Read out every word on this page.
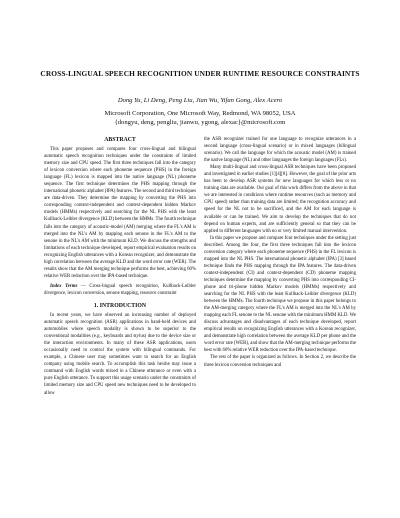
CROSS-LINGUAL SPEECH RECOGNITION UNDER RUNTIME RESOURCE CONSTRAINTS
Dong Yu, Li Deng, Peng Liu, Jian Wu, Yifan Gong, Alex Acero
Microsoft Corporation, One Microsoft Way, Redmond, WA 98052, USA
{dongyu, deng, pengliu, jianwu, ygong, alexac}@microsoft.com
ABSTRACT
This paper proposes and compares four cross-lingual and bilingual automatic speech recognition techniques under the constraints of limited memory size and CPU speed. The first three techniques fall into the category of lexicon conversion where each phoneme sequence (PHS) in the foreign language (FL) lexicon is mapped into the native language (NL) phoneme sequence. The first technique determines the PHS mapping through the international phonetic alphabet (IPA) features. The second and third techniques are data-driven. They determine the mapping by converting the PHS into corresponding context-independent and context-dependent hidden Markov models (HMMs) respectively and searching for the NL PHS with the least Kullback-Leibler divergence (KLD) between the HMMs. The fourth technique falls into the category of acoustic-model (AM) merging where the FL's AM is merged into the NL's AM by mapping each senone in the FL's AM to the senone in the NL's AM with the minimum KLD. We discuss the strengths and limitations of each technique developed, report empirical evaluation results on recognizing English utterances with a Korean recognizer, and demonstrate the high correlation between the average KLD and the word error rate (WER). The results show that the AM merging technique performs the best, achieving 60% relative WER reduction over the IPA-based technique.
Index Terms — Cross-lingual speech recognition, Kullback-Leibler divergence, lexicon conversion, senone mapping, resource constraint
1. INTRODUCTION
In recent years, we have observed an increasing number of deployed automatic speech recognition (ASR) applications in hand-held devices and automobiles where speech modality is shown to be superior to the conventional modalities (e.g., keyboards and stylus) due to the device size or the interaction environments. In many of these ASR applications, users occasionally need to control the system with bilingual commands. For example, a Chinese user may sometimes want to search for an English company using mobile search. To accomplish this task he/she may issue a command with English words mixed in a Chinese utterance or even with a pure English utterance. To support this usage scenario under the constraints of limited memory size and CPU speed new techniques need to be developed to allow
the ASR recognizer trained for one language to recognize utterances in a second language (cross-lingual scenario) or in mixed languages (bilingual scenario). We call the language for which the acoustic model (AM) is trained the native language (NL) and other languages the foreign languages (FLs).
Many multi-lingual and cross-lingual ASR techniques have been proposed and investigated in earlier studies [1][4][8]. However, the goal of the prior arts has been to develop ASR systems for new languages for which less or no training data are available. Our goal of this work differs from the above in that we are interested in conditions where runtime resources (such as memory and CPU speed) rather than training data are limited; the recognition accuracy and speed for the NL not to be sacrificed, and the AM for each language is available or can be trained. We aim to develop the techniques that do not depend on human experts, and are sufficiently general so that they can be applied to different languages with no or very limited manual intervention.
In this paper we propose and compare four techniques under the setting just described. Among the four, the first three techniques fall into the lexicon conversion category where each phoneme sequence (PHS) in the FL lexicon is mapped into the NL PHS. The international phonetic alphabet (IPA) [3] based technique finds the PHS mapping through the IPA features. The data-driven context-independent (CI) and context-dependent (CD) phoneme mapping techniques determine the mapping by converting PHS into corresponding CI-phone and tri-phone hidden Markov models (HMMs) respectively and searching for the NL PHS with the least Kullback-Leibler divergence (KLD) between the HMMs. The fourth technique we propose in this paper belongs to the AM-merging category where the FL's AM is merged into the NL's AM by mapping each FL senone to the NL senone with the minimum HMM KLD. We discuss advantages and disadvantages of each technique developed, report empirical results on recognizing English utterances with a Korean recognizer, and demonstrate high correlation between the average KLD per phone and the word error rate (WER), and show that the AM-merging technique performs the best with 60% relative WER reduction over the IPA-based technique.
The rest of the paper is organized as follows. In Section 2, we describe the three lexicon conversion techniques and
